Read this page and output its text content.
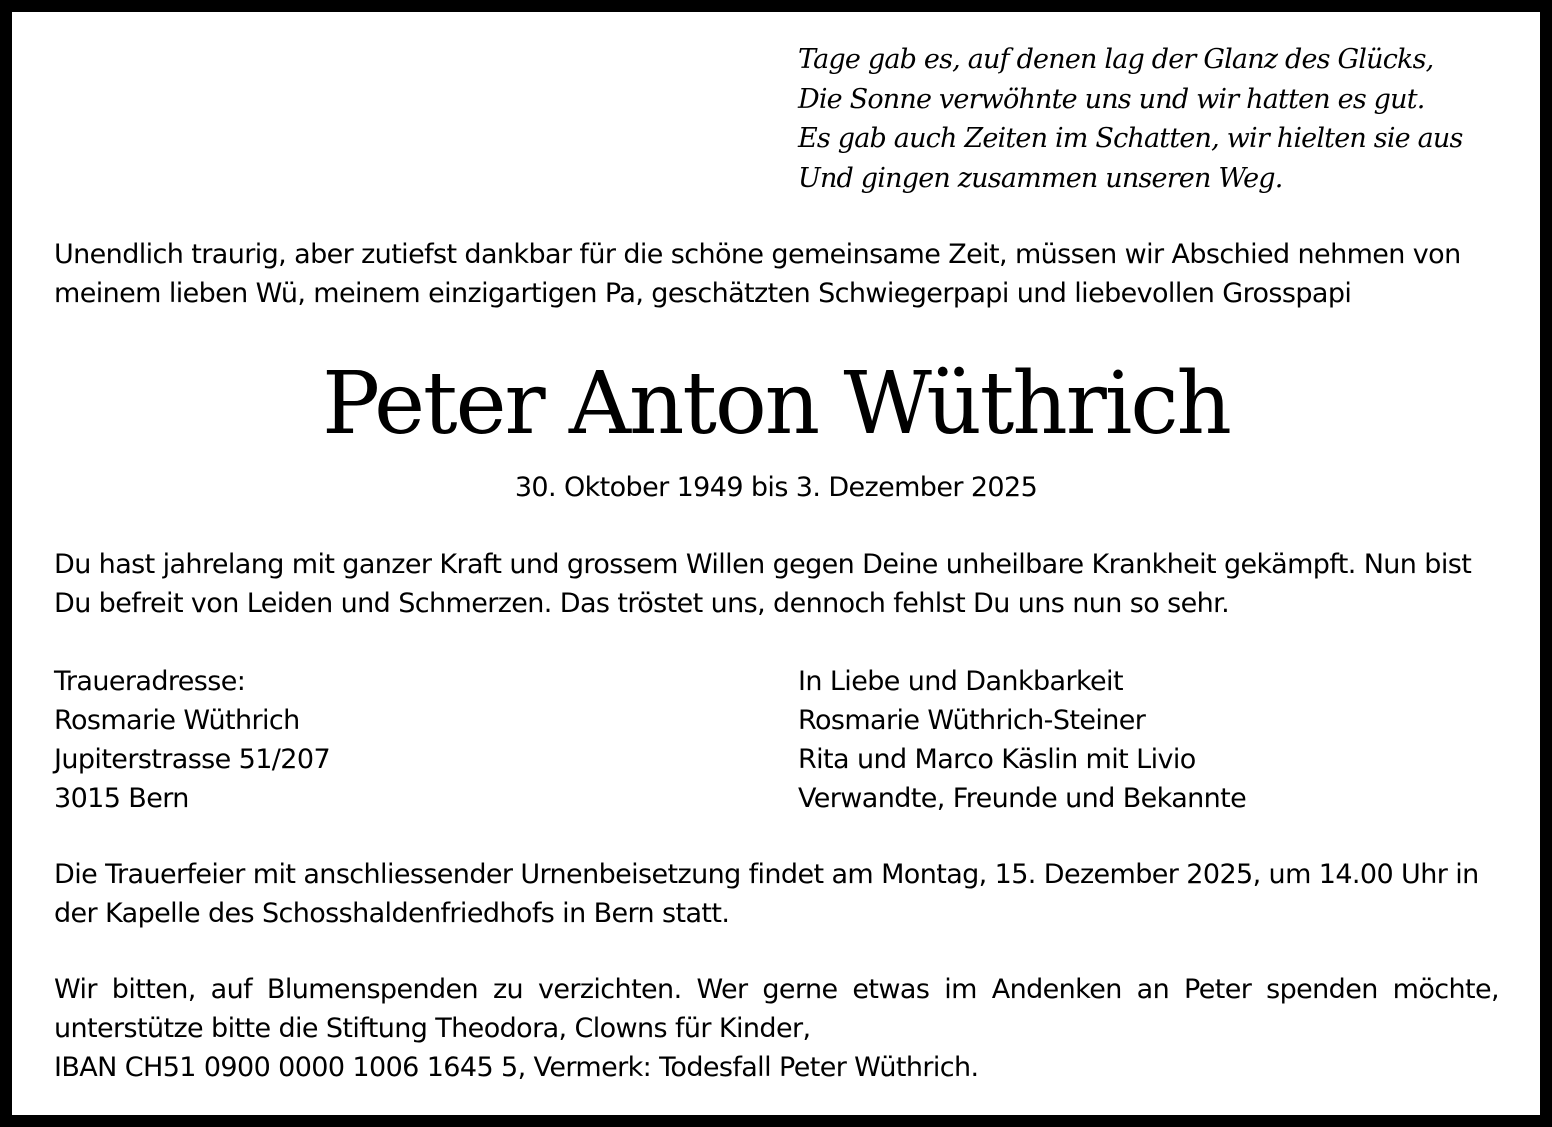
Tage gab es, auf denen lag der Glanz des Glücks,
Die Sonne verwöhnte uns und wir hatten es gut.
Es gab auch Zeiten im Schatten, wir hielten sie aus
Und gingen zusammen unseren Weg.
Unendlich traurig, aber zutiefst dankbar für die schöne gemeinsame Zeit, müssen wir Abschied nehmen von
meinem lieben Wü, meinem einzigartigen Pa, geschätzten Schwiegerpapi und liebevollen Grosspapi
Peter Anton Wüthrich
30. Oktober 1949 bis 3. Dezember 2025
Du hast jahrelang mit ganzer Kraft und grossem Willen gegen Deine unheilbare Krankheit gekämpft. Nun bist
Du befreit von Leiden und Schmerzen. Das tröstet uns, dennoch fehlst Du uns nun so sehr.
Traueradresse:
Rosmarie Wüthrich
Jupiterstrasse 51/207
3015 Bern
In Liebe und Dankbarkeit
Rosmarie Wüthrich-Steiner
Rita und Marco Käslin mit Livio
Verwandte, Freunde und Bekannte
Die Trauerfeier mit anschliessender Urnenbeisetzung findet am Montag, 15. Dezember 2025, um 14.00 Uhr in
der Kapelle des Schosshaldenfriedhofs in Bern statt.
Wir bitten, auf Blumenspenden zu verzichten. Wer gerne etwas im Andenken an Peter spenden möchte,
unterstütze bitte die Stiftung Theodora, Clowns für Kinder,
IBAN CH51 0900 0000 1006 1645 5, Vermerk: Todesfall Peter Wüthrich.
